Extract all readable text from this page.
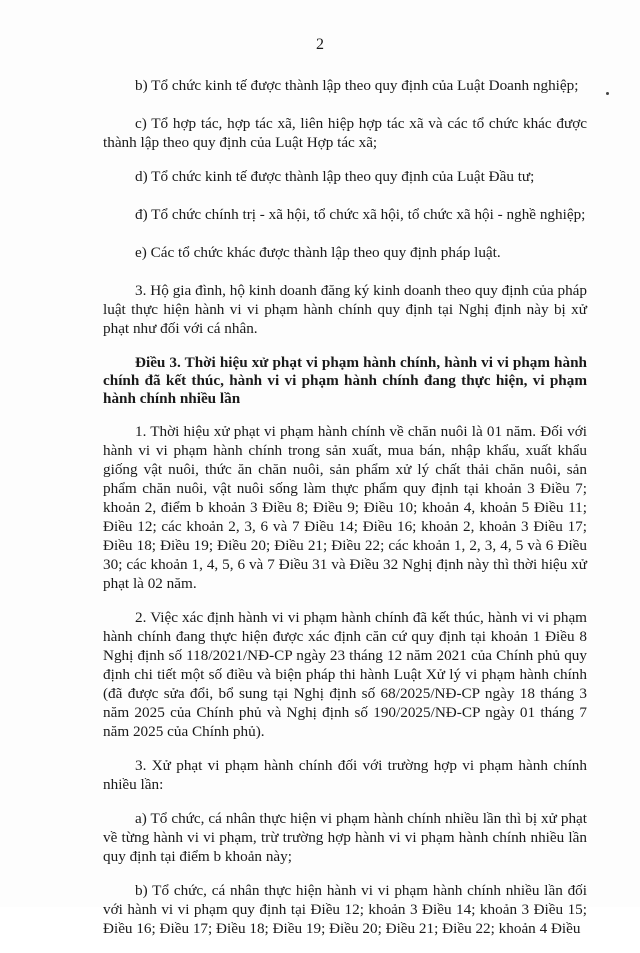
2

b) Tổ chức kinh tế được thành lập theo quy định của Luật Doanh nghiệp;

c) Tổ hợp tác, hợp tác xã, liên hiệp hợp tác xã và các tổ chức khác được thành lập theo quy định của Luật Hợp tác xã;

d) Tổ chức kinh tế được thành lập theo quy định của Luật Đầu tư;

đ) Tổ chức chính trị - xã hội, tổ chức xã hội, tổ chức xã hội - nghề nghiệp;

e) Các tổ chức khác được thành lập theo quy định pháp luật.

3. Hộ gia đình, hộ kinh doanh đăng ký kinh doanh theo quy định của pháp luật thực hiện hành vi vi phạm hành chính quy định tại Nghị định này bị xử phạt như đối với cá nhân.

Điều 3. Thời hiệu xử phạt vi phạm hành chính, hành vi vi phạm hành chính đã kết thúc, hành vi vi phạm hành chính đang thực hiện, vi phạm hành chính nhiều lần

1. Thời hiệu xử phạt vi phạm hành chính về chăn nuôi là 01 năm. Đối với hành vi vi phạm hành chính trong sản xuất, mua bán, nhập khẩu, xuất khẩu giống vật nuôi, thức ăn chăn nuôi, sản phẩm xử lý chất thải chăn nuôi, sản phẩm chăn nuôi, vật nuôi sống làm thực phẩm quy định tại khoản 3 Điều 7; khoản 2, điểm b khoản 3 Điều 8; Điều 9; Điều 10; khoản 4, khoản 5 Điều 11; Điều 12; các khoản 2, 3, 6 và 7 Điều 14; Điều 16; khoản 2, khoản 3 Điều 17; Điều 18; Điều 19; Điều 20; Điều 21; Điều 22; các khoản 1, 2, 3, 4, 5 và 6 Điều 30; các khoản 1, 4, 5, 6 và 7 Điều 31 và Điều 32 Nghị định này thì thời hiệu xử phạt là 02 năm.

2. Việc xác định hành vi vi phạm hành chính đã kết thúc, hành vi vi phạm hành chính đang thực hiện được xác định căn cứ quy định tại khoản 1 Điều 8 Nghị định số 118/2021/NĐ-CP ngày 23 tháng 12 năm 2021 của Chính phủ quy định chi tiết một số điều và biện pháp thi hành Luật Xử lý vi phạm hành chính (đã được sửa đổi, bổ sung tại Nghị định số 68/2025/NĐ-CP ngày 18 tháng 3 năm 2025 của Chính phủ và Nghị định số 190/2025/NĐ-CP ngày 01 tháng 7 năm 2025 của Chính phủ).

3. Xử phạt vi phạm hành chính đối với trường hợp vi phạm hành chính nhiều lần:

a) Tổ chức, cá nhân thực hiện vi phạm hành chính nhiều lần thì bị xử phạt về từng hành vi vi phạm, trừ trường hợp hành vi vi phạm hành chính nhiều lần quy định tại điểm b khoản này;

b) Tổ chức, cá nhân thực hiện hành vi vi phạm hành chính nhiều lần đối với hành vi vi phạm quy định tại Điều 12; khoản 3 Điều 14; khoản 3 Điều 15; Điều 16; Điều 17; Điều 18; Điều 19; Điều 20; Điều 21; Điều 22; khoản 4 Điều
